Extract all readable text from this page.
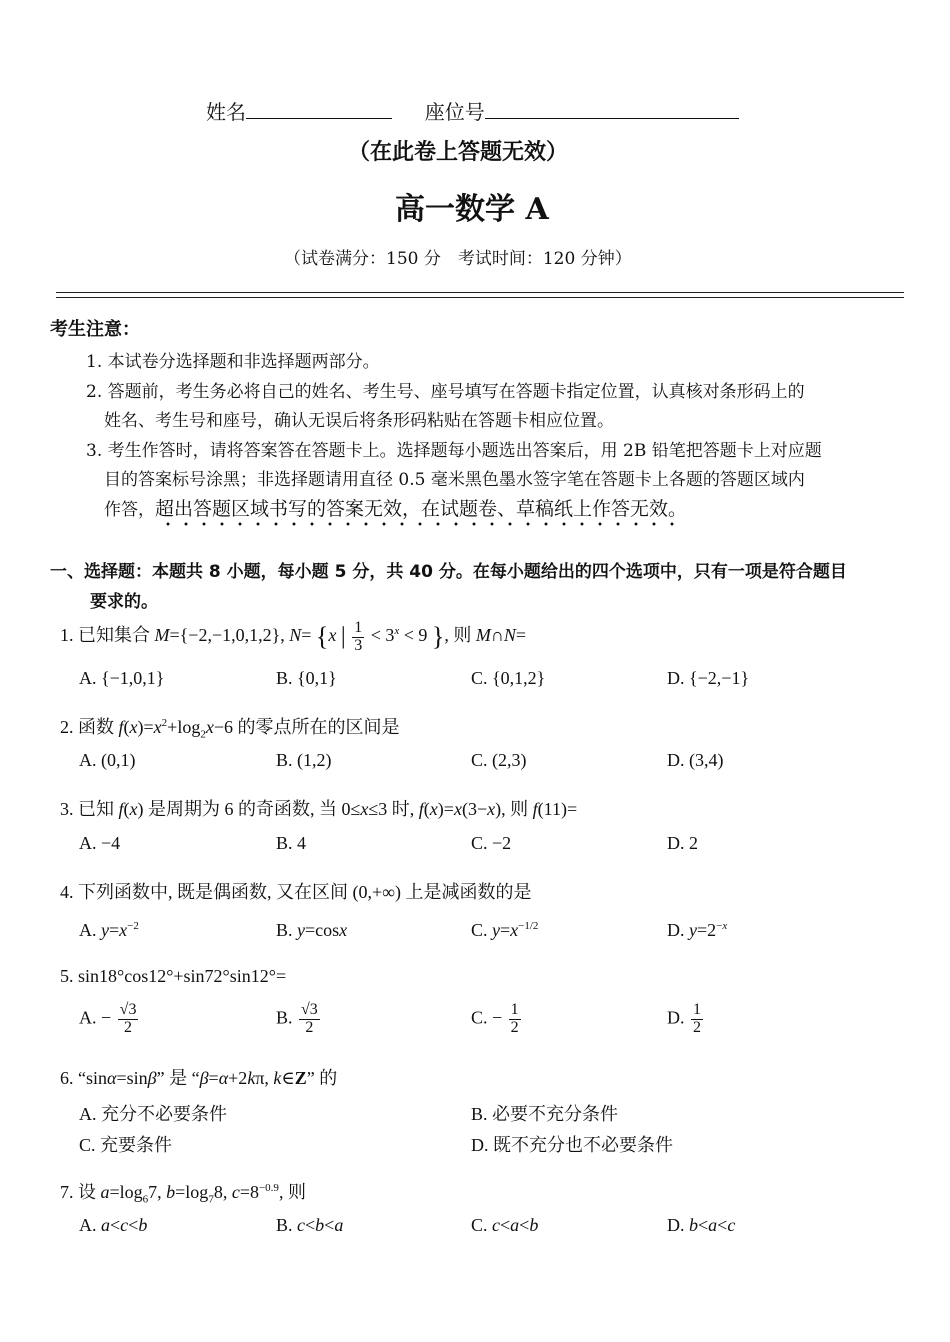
姓名	座位号
（在此卷上答题无效）
高一数学 A
（试卷满分：150 分　考试时间：120 分钟）
考生注意：
1. 本试卷分选择题和非选择题两部分。
2. 答题前，考生务必将自己的姓名、考生号、座号填写在答题卡指定位置，认真核对条形码上的
姓名、考生号和座号，确认无误后将条形码粘贴在答题卡相应位置。
3. 考生作答时，请将答案答在答题卡上。选择题每小题选出答案后，用 2B 铅笔把答题卡上对应题
目的答案标号涂黑；非选择题请用直径 0.5 毫米黑色墨水签字笔在答题卡上各题的答题区域内
作答，超出答题区域书写的答案无效，在试题卷、草稿纸上作答无效。
一、选择题：本题共 8 小题，每小题 5 分，共 40 分。在每小题给出的四个选项中，只有一项是符合题目
要求的。
1. 已知集合 M={−2,−1,0,1,2}, N= {x | $\frac{1}{3} < 3^x < 9$ }, 则 M∩N=
A. {−1,0,1}	B. {0,1}	C. {0,1,2}	D. {−2,−1}
2. 函数 $f(x)=x^2+\log_2x-6$ 的零点所在的区间是
A. (0,1)	B. (1,2)	C. (2,3)	D. (3,4)
3. 已知 f(x) 是周期为 6 的奇函数, 当 0≤x≤3 时, f(x)=x(3−x), 则 f(11)=
A. −4	B. 4	C. −2	D. 2
4. 下列函数中, 既是偶函数, 又在区间 (0,+∞) 上是减函数的是
A. $y=x^{-2}$	B. y=cosx	C. $y=x^{-1/2}$	D. $y=2^{-x}$
5. sin18°cos12°+sin72°sin12°=
A. − $\frac{√3}{2}$	B. $\frac{√3}{2}$	C. − $\frac{1}{2}$	D. $\frac{1}{2}$
6. “sinα=sinβ” 是 “β=α+2kπ, k∈Z” 的
A. 充分不必要条件	B. 必要不充分条件
C. 充要条件	D. 既不充分也不必要条件
7. 设 $a=\log_67$, $b=\log_78$, $c=8^{-0.9}$, 则
A. a<c<b	B. c<b<a	C. c<a<b	D. b<a<c
